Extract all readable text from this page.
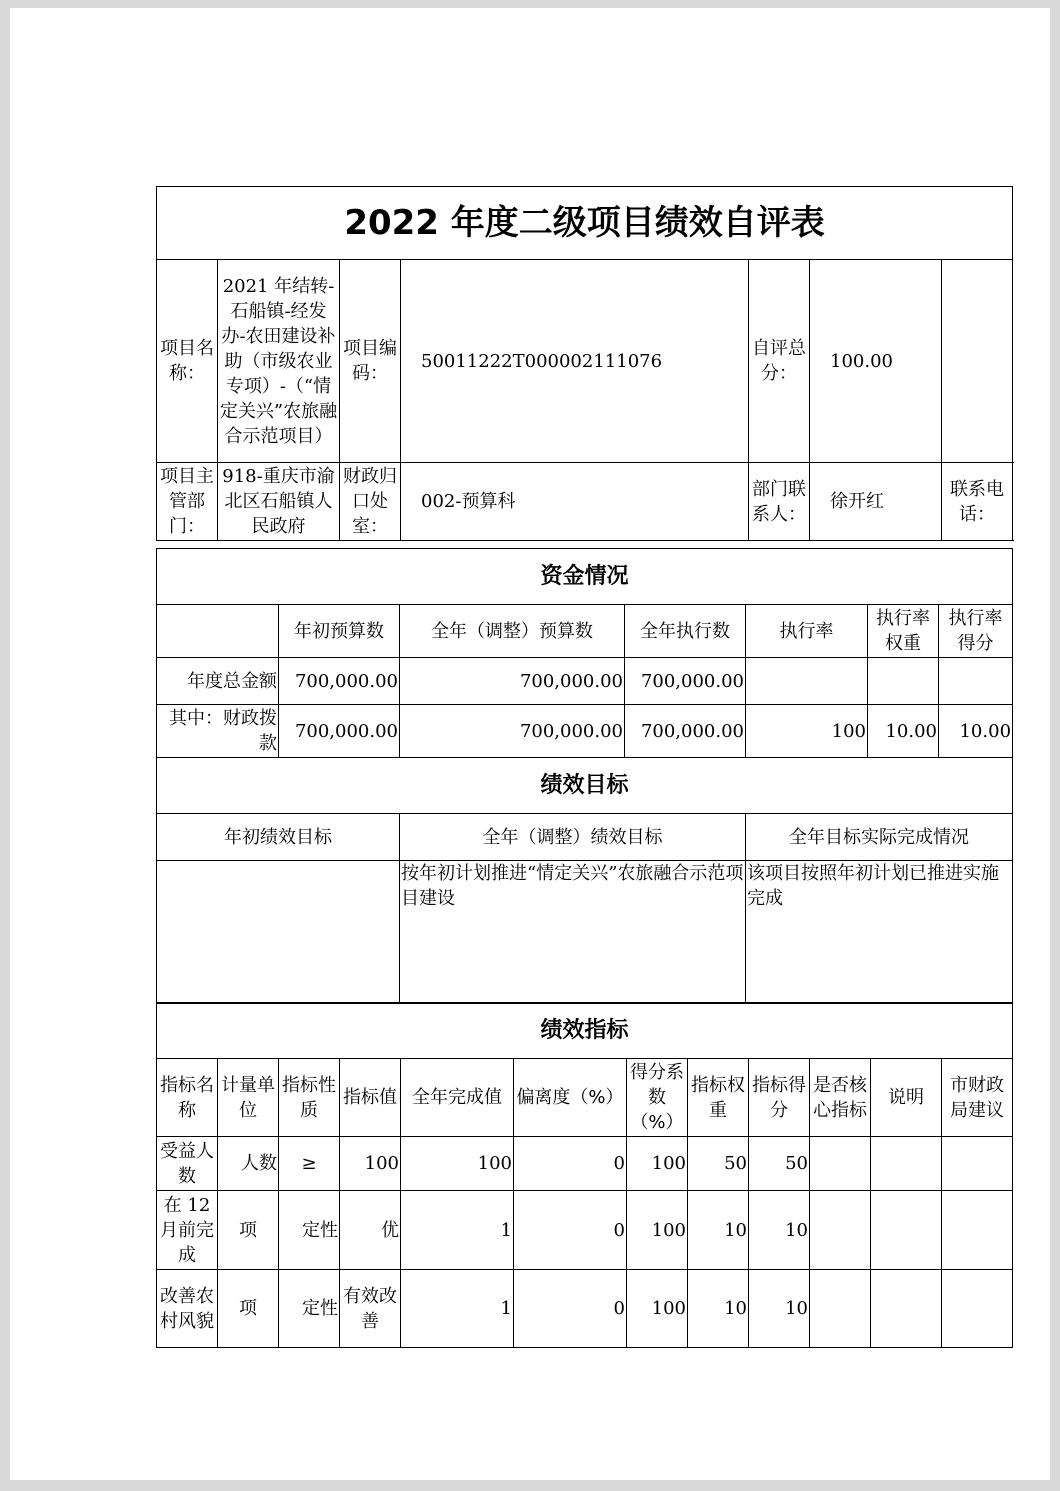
2022 年度二级项目绩效自评表							
项目名称：	2021 年结转-石船镇-经发办-农田建设补助（市级农业专项）-（“情定关兴”农旅融合示范项目）	项目编码：	50011222T000002111076	自评总分：	100.00		
项目主管部门：	918-重庆市渝北区石船镇人民政府	财政归口处室：	002-预算科	部门联系人：	徐开红	联系电话：	
资金情况						
	年初预算数	全年（调整）预算数	全年执行数	执行率	执行率权重	执行率得分
年度总金额	700,000.00	700,000.00	700,000.00			
其中：财政拨款	700,000.00	700,000.00	700,000.00	100	10.00	10.00
绩效目标		
年初绩效目标	全年（调整）绩效目标	全年目标实际完成情况
	按年初计划推进“情定关兴”农旅融合示范项目建设	该项目按照年初计划已推进实施完成
绩效指标											
指标名称	计量单位	指标性质	指标值	全年完成值	偏离度（%）	得分系数（%）	指标权重	指标得分	是否核心指标	说明	市财政局建议
受益人数	人数	≥	100	100	0	100	50	50			
在 12 月前完成	项	定性	优	1	0	100	10	10			
改善农村风貌	项	定性	有效改善	1	0	100	10	10			
